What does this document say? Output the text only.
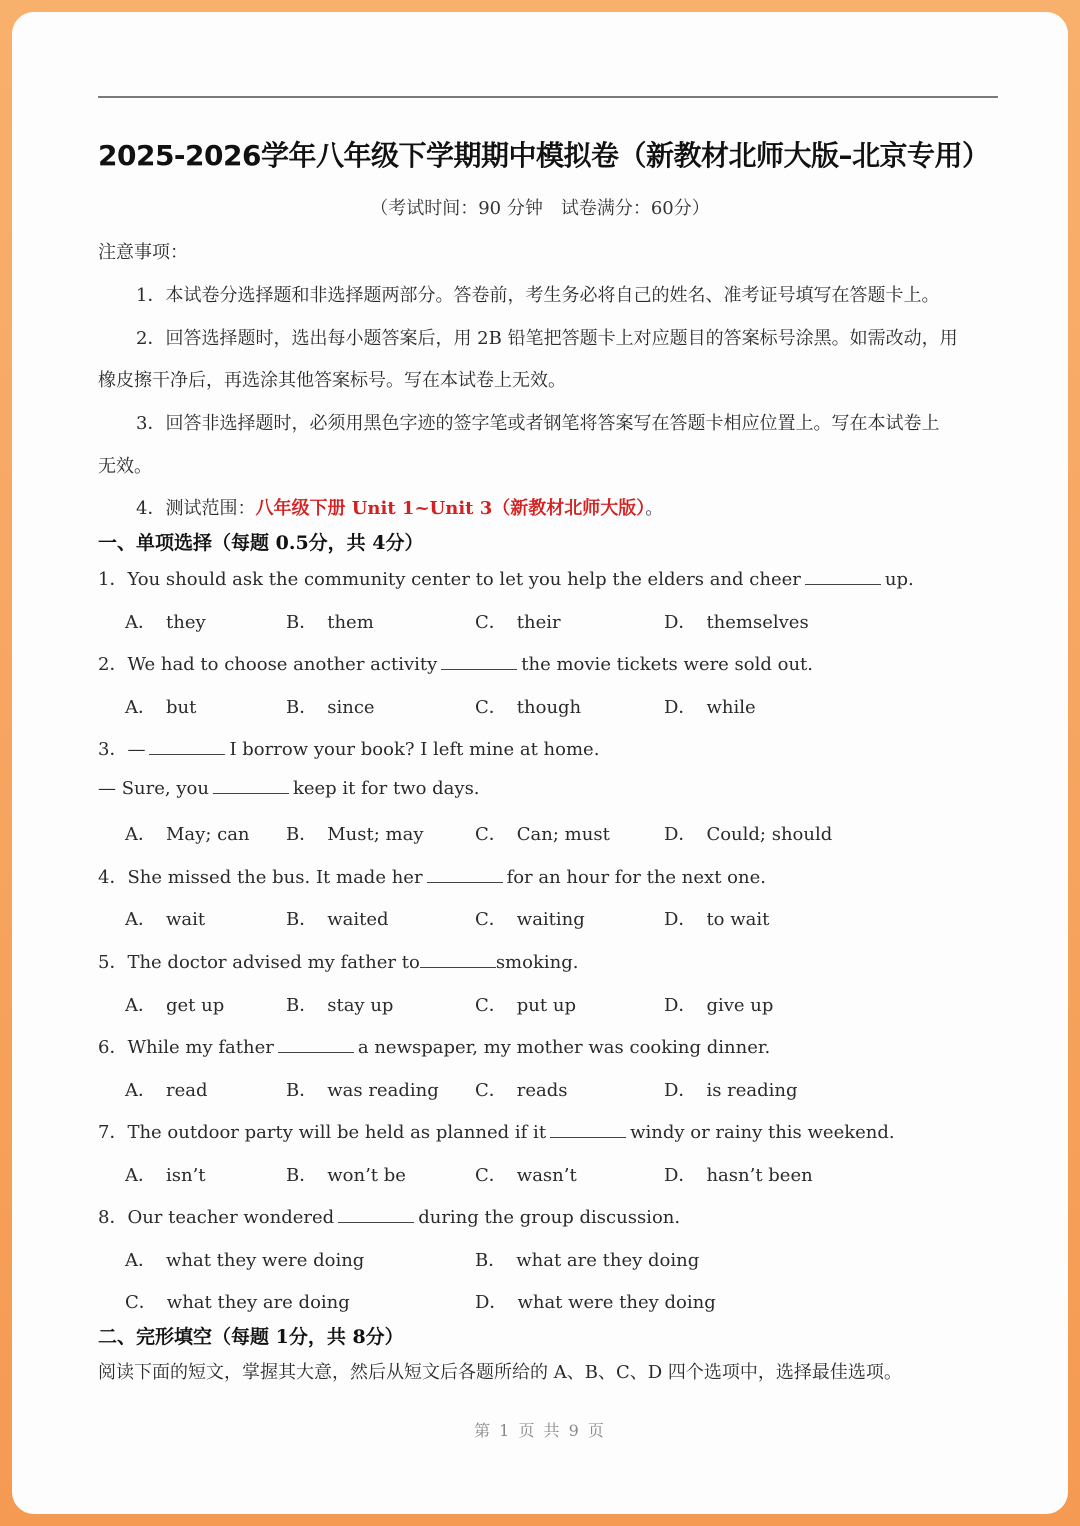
2025-2026学年八年级下学期期中模拟卷（新教材北师大版–北京专用）
（考试时间：90 分钟　试卷满分：60分）
注意事项：
1．本试卷分选择题和非选择题两部分。答卷前，考生务必将自己的姓名、准考证号填写在答题卡上。
2．回答选择题时，选出每小题答案后，用 2B 铅笔把答题卡上对应题目的答案标号涂黑。如需改动，用
橡皮擦干净后，再选涂其他答案标号。写在本试卷上无效。
3．回答非选择题时，必须用黑色字迹的签字笔或者钢笔将答案写在答题卡相应位置上。写在本试卷上
无效。
4．测试范围：八年级下册 Unit 1~Unit 3（新教材北师大版）。
一、单项选择（每题 0.5分，共 4分）
1．You should ask the community center to let you help the elders and cheer	up.
A． they	B． them	C． their	D． themselves
2．We had to choose another activity	the movie tickets were sold out.
A． but	B． since	C． though	D． while
3．—	I borrow your book? I left mine at home.
— Sure, you	keep it for two days.
A． May; can B． Must; may	C． Can; must	D． Could; should
4．She missed the bus. It made her	for an hour for the next one.
A． wait	B． waited	C． waiting	D． to wait
5．The doctor advised my father to	smoking.
A． get up	B． stay up	C． put up	D． give up
6．While my father	a newspaper, my mother was cooking dinner.
A． read	B． was reading C． reads	D． is reading
7．The outdoor party will be held as planned if it	windy or rainy this weekend.
A． isn’t	B． won’t be	C． wasn’t	D． hasn’t been
8．Our teacher wondered	during the group discussion.
A． what they were doing	B． what are they doing
C． what they are doing	D． what were they doing
二、完形填空（每题 1分，共 8分）
阅读下面的短文，掌握其大意，然后从短文后各题所给的 A、B、C、D 四个选项中，选择最佳选项。
第 1 页 共 9 页
